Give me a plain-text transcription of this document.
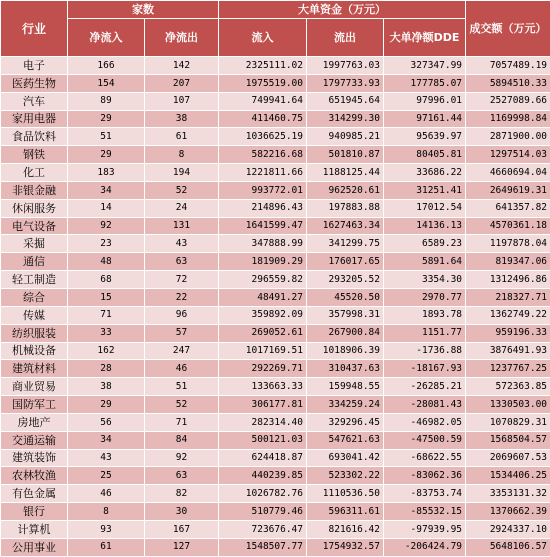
行业	家数		大单资金（万元）			成交额（万元）
	净流入	净流出	流入	流出	大单净额DDE	
电子	166	142	2325111.02	1997763.03	327347.99	7057489.19
医药生物	154	207	1975519.00	1797733.93	177785.07	5894510.33
汽车	89	107	749941.64	651945.64	97996.01	2527089.66
家用电器	29	38	411460.75	314299.30	97161.44	1169998.84
食品饮料	51	61	1036625.19	940985.21	95639.97	2871900.00
钢铁	29	8	582216.68	501810.87	80405.81	1297514.03
化工	183	194	1221811.66	1188125.44	33686.22	4660694.04
非银金融	34	52	993772.01	962520.61	31251.41	2649619.31
休闲服务	14	24	214896.43	197883.88	17012.54	641357.82
电气设备	92	131	1641599.47	1627463.34	14136.13	4570361.18
采掘	23	43	347888.99	341299.75	6589.23	1197878.04
通信	48	63	181909.29	176017.65	5891.64	819347.06
轻工制造	68	72	296559.82	293205.52	3354.30	1312496.86
综合	15	22	48491.27	45520.50	2970.77	218327.71
传媒	71	96	359892.09	357998.31	1893.78	1362749.22
纺织服装	33	57	269052.61	267900.84	1151.77	959196.33
机械设备	162	247	1017169.51	1018906.39	-1736.88	3876491.93
建筑材料	28	46	292269.71	310437.63	-18167.93	1237767.25
商业贸易	38	51	133663.33	159948.55	-26285.21	572363.85
国防军工	29	52	306177.81	334259.24	-28081.43	1330503.00
房地产	56	71	282314.40	329296.45	-46982.05	1070829.31
交通运输	34	84	500121.03	547621.63	-47500.59	1568504.57
建筑装饰	43	92	624418.87	693041.42	-68622.55	2069607.53
农林牧渔	25	63	440239.85	523302.22	-83062.36	1534406.25
有色金属	46	82	1026782.76	1110536.50	-83753.74	3353131.32
银行	8	30	510779.46	596311.61	-85532.15	1370662.39
计算机	93	167	723676.47	821616.42	-97939.95	2924337.10
公用事业	61	127	1548507.77	1754932.57	-206424.79	5648106.57
